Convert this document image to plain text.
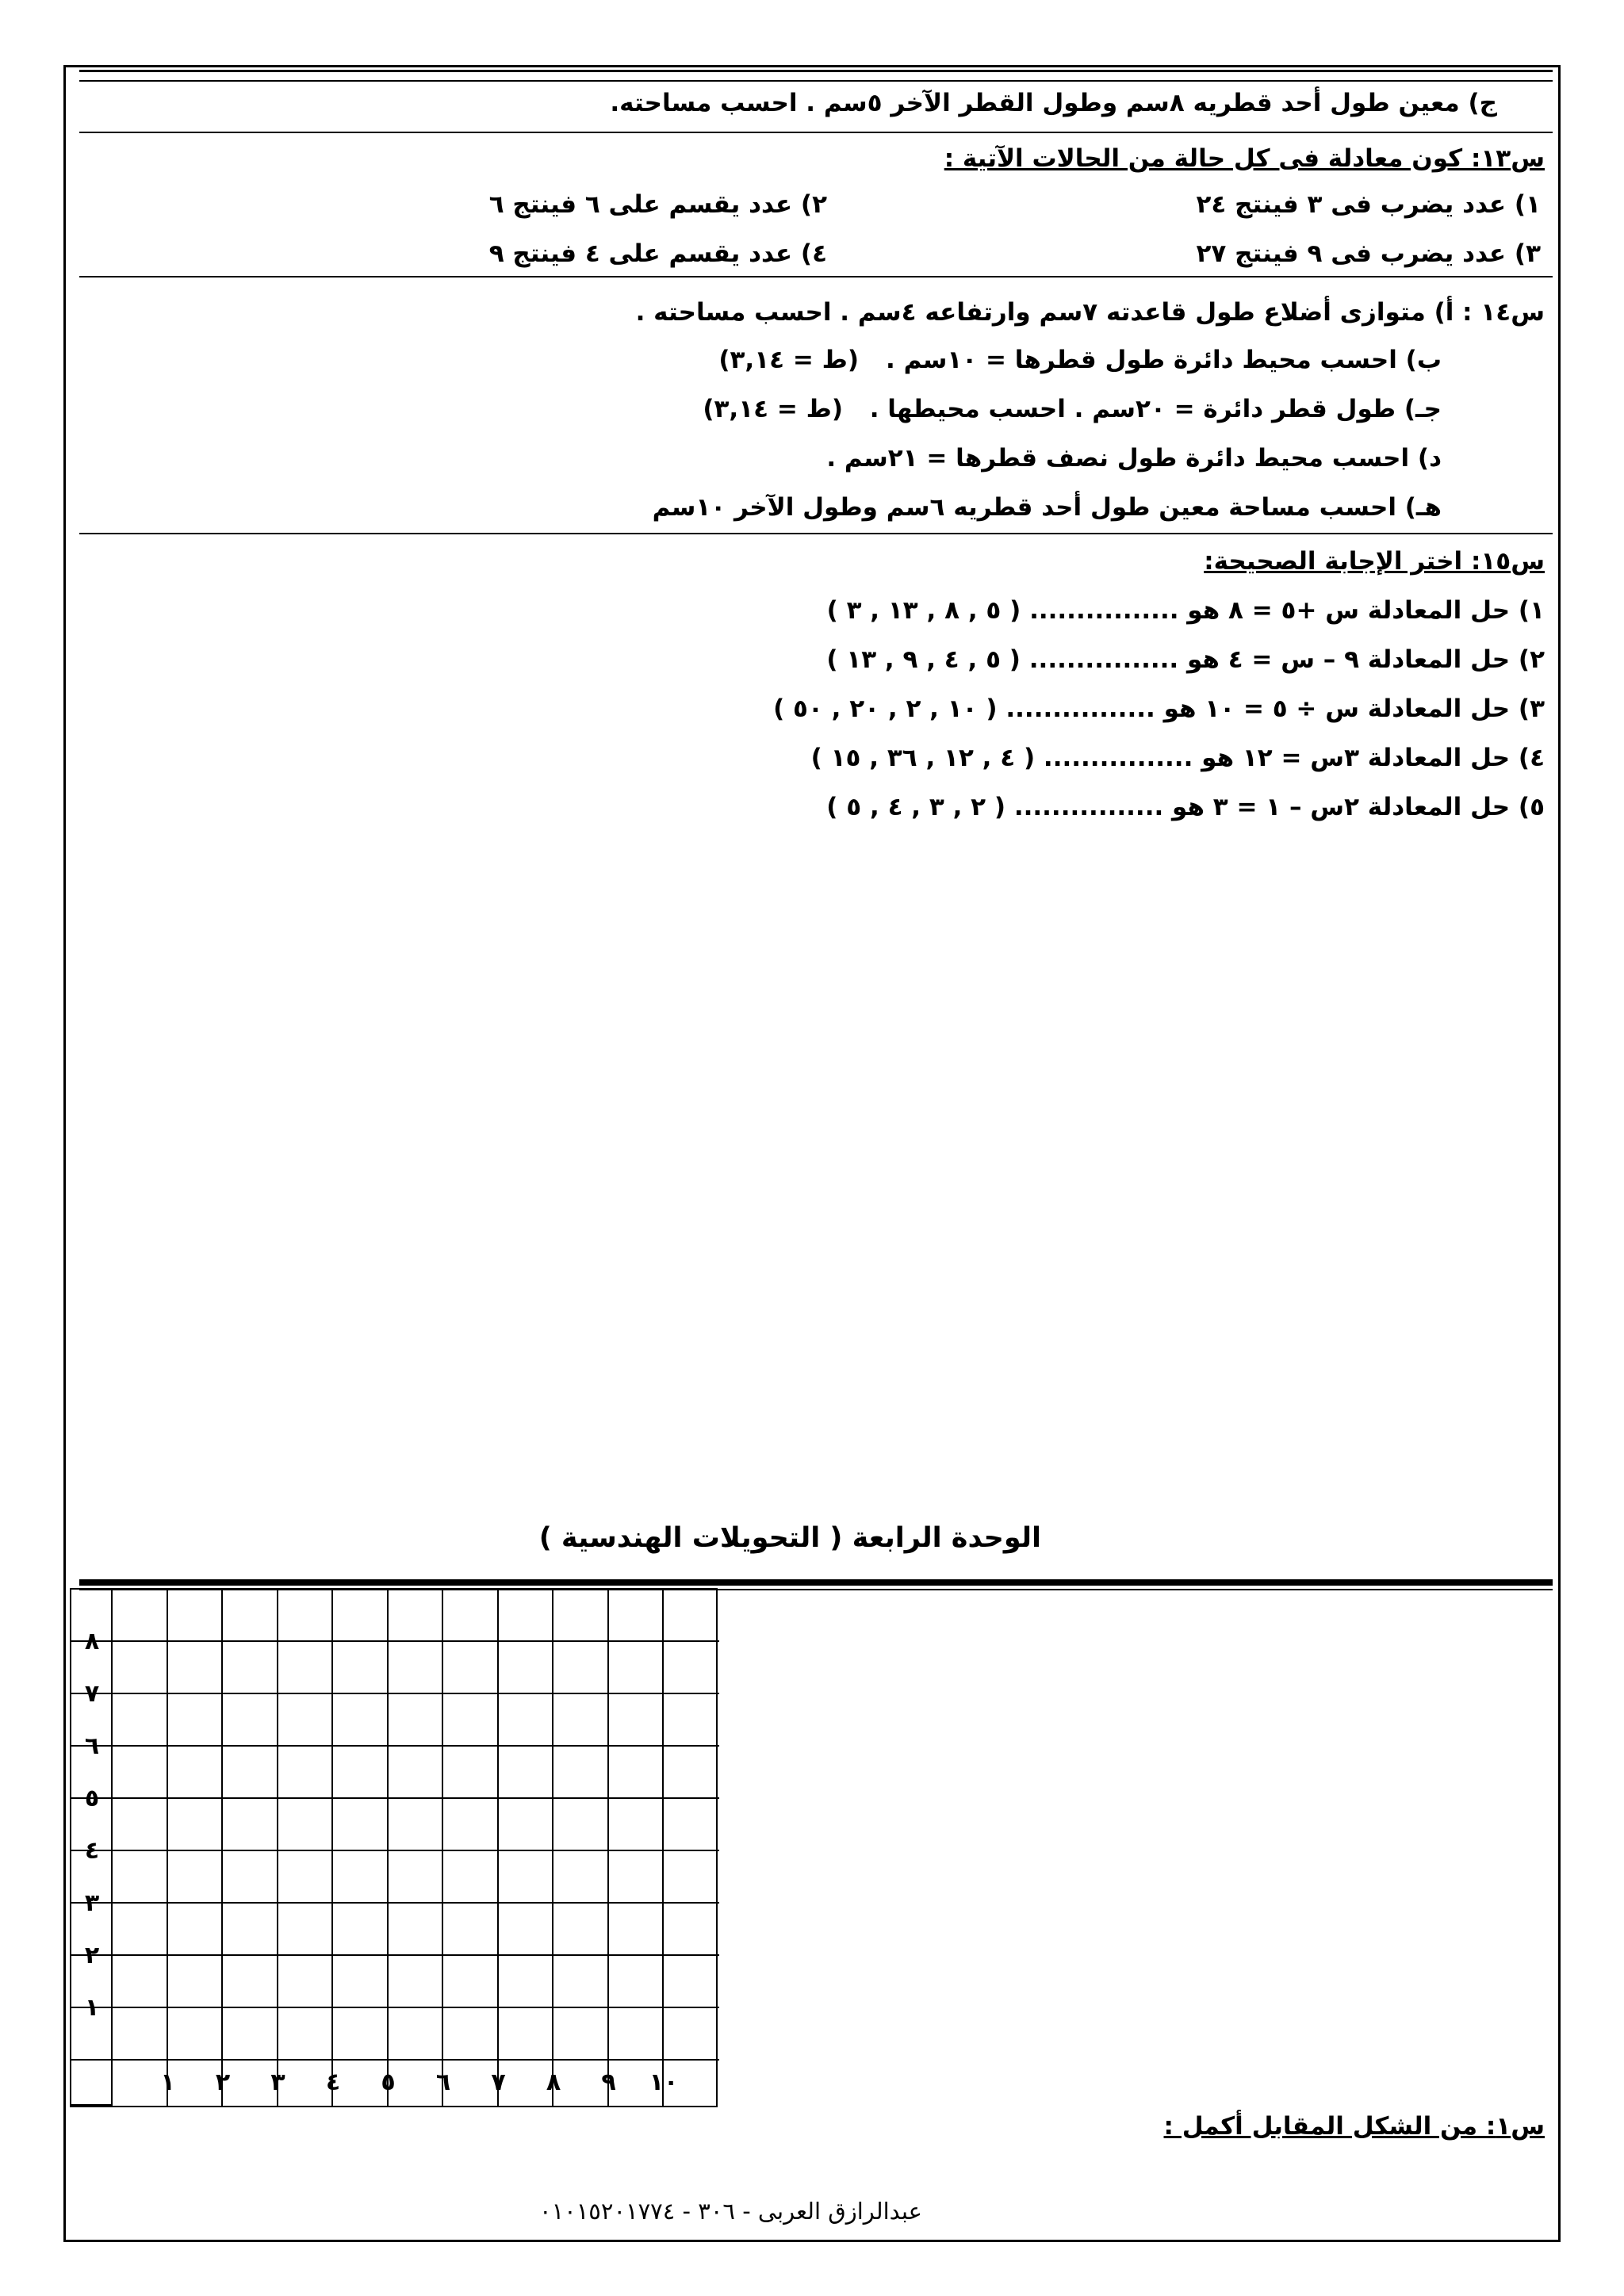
ج) معين طول أحد قطريه ٨سم وطول القطر الآخر ٥سم . احسب مساحته.
س١٣: كون معادلة فى كل حالة من الحالات الآتية :
١) عدد يضرب فى ٣ فينتج ٢٤
٢) عدد يقسم على ٦ فينتج ٦
٣) عدد يضرب فى ٩ فينتج ٢٧
٤) عدد يقسم على ٤ فينتج ٩
س١٤ : أ) متوازى أضلاع طول قاعدته ٧سم وارتفاعه ٤سم . احسب مساحته .
ب) احسب محيط دائرة طول قطرها = ١٠سم .
(ط = ٣,١٤)
جـ) طول قطر دائرة = ٢٠سم . احسب محيطها .
(ط = ٣,١٤)
د) احسب محيط دائرة طول نصف قطرها = ٢١سم .
هـ) احسب مساحة معين طول أحد قطريه ٦سم وطول الآخر ١٠سم
س١٥: اختر الإجابة الصحيحة:
١) حل المعادلة س +٥ = ٨ هو ................ ( ٥ , ٨ , ١٣ , ٣ )
٢) حل المعادلة ٩ – س = ٤ هو ................ ( ٥ , ٤ , ٩ , ١٣ )
٣) حل المعادلة س ÷ ٥ = ١٠ هو ................ ( ١٠ , ٢ , ٢٠ , ٥٠ )
٤) حل المعادلة ٣س = ١٢ هو ................ ( ٤ , ١٢ , ٣٦ , ١٥ )
٥) حل المعادلة ٢س – ١ = ٣ هو ................ ( ٢ , ٣ , ٤ , ٥ )
الوحدة الرابعة ( التحويلات الهندسية )
٨
٧
٦
٥
٤
٣
٢
١
١	٢	٣	٤	٥	٦	٧	٨	٩	١٠
س١: من الشكل المقابل أكمل :
عبدالرازق العربى - ٣٠٦ - ٠١٠١٥٢٠١٧٧٤
